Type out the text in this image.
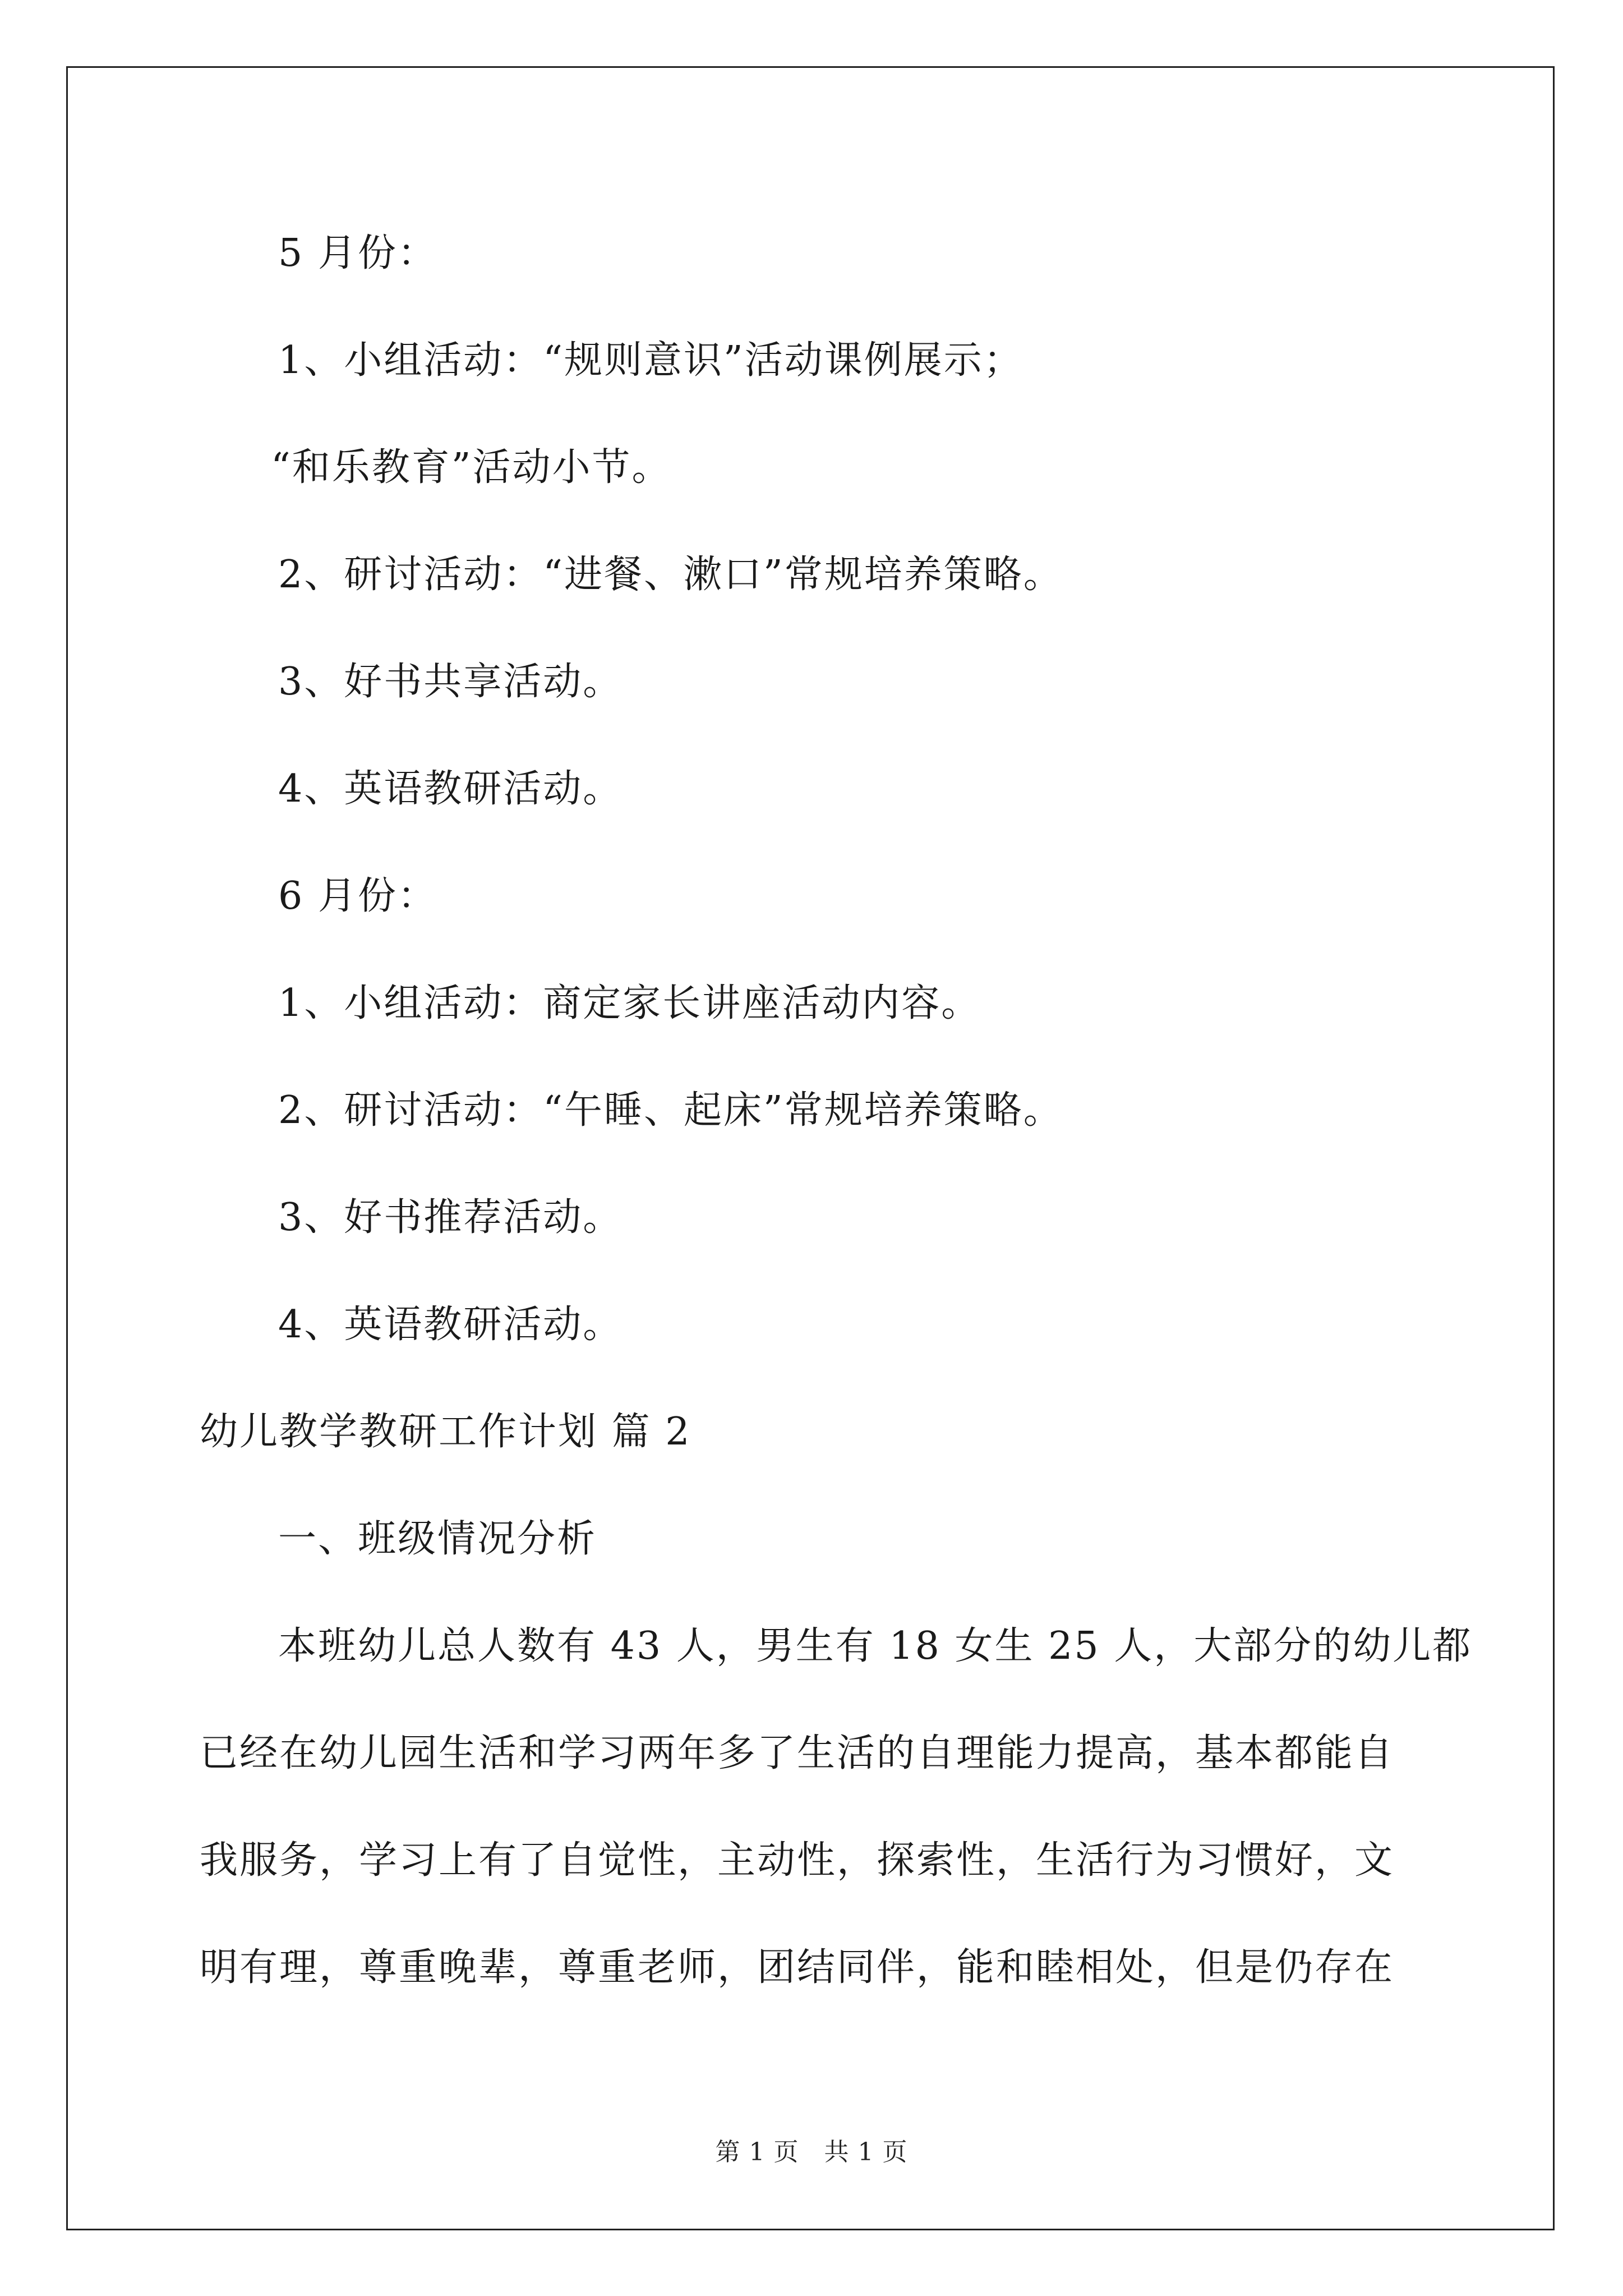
5 月份：
1、小组活动：“规则意识”活动课例展示；
“和乐教育”活动小节。
2、研讨活动：“进餐、漱口”常规培养策略。
3、好书共享活动。
4、英语教研活动。
6 月份：
1、小组活动：商定家长讲座活动内容。
2、研讨活动：“午睡、起床”常规培养策略。
3、好书推荐活动。
4、英语教研活动。
幼儿教学教研工作计划 篇 2
一、班级情况分析
本班幼儿总人数有 43 人，男生有 18 女生 25 人，大部分的幼儿都
已经在幼儿园生活和学习两年多了生活的自理能力提高，基本都能自
我服务，学习上有了自觉性，主动性，探索性，生活行为习惯好，文
明有理，尊重晚辈，尊重老师，团结同伴，能和睦相处，但是仍存在
第 1 页　共 1 页
